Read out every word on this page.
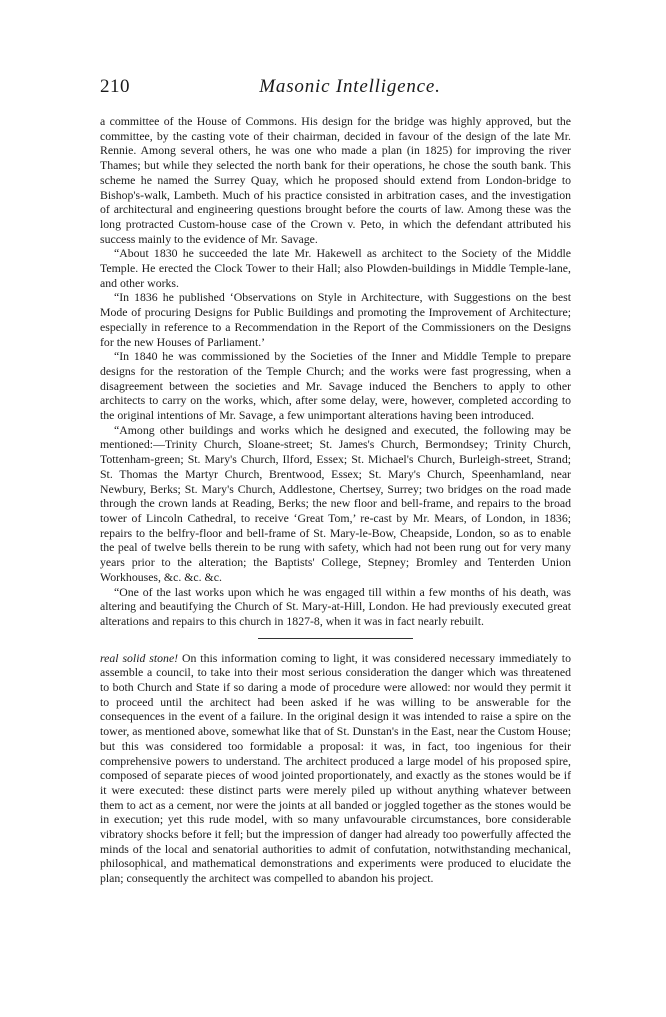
210	Masonic Intelligence.

a committee of the House of Commons. His design for the bridge was highly approved, but the committee, by the casting vote of their chairman, decided in favour of the design of the late Mr. Rennie. Among several others, he was one who made a plan (in 1825) for improving the river Thames; but while they selected the north bank for their operations, he chose the south bank. This scheme he named the Surrey Quay, which he proposed should extend from London-bridge to Bishop's-walk, Lambeth. Much of his practice consisted in arbitration cases, and the investigation of architectural and engineering questions brought before the courts of law. Among these was the long protracted Custom-house case of the Crown v. Peto, in which the defendant attributed his success mainly to the evidence of Mr. Savage.

“About 1830 he succeeded the late Mr. Hakewell as architect to the Society of the Middle Temple. He erected the Clock Tower to their Hall; also Plowden-buildings in Middle Temple-lane, and other works.

“In 1836 he published ‘Observations on Style in Architecture, with Suggestions on the best Mode of procuring Designs for Public Buildings and promoting the Improvement of Architecture; especially in reference to a Recommendation in the Report of the Commissioners on the Designs for the new Houses of Parliament.’

“In 1840 he was commissioned by the Societies of the Inner and Middle Temple to prepare designs for the restoration of the Temple Church; and the works were fast progressing, when a disagreement between the societies and Mr. Savage induced the Benchers to apply to other architects to carry on the works, which, after some delay, were, however, completed according to the original intentions of Mr. Savage, a few unimportant alterations having been introduced.

“Among other buildings and works which he designed and executed, the following may be mentioned:—Trinity Church, Sloane-street; St. James's Church, Bermondsey; Trinity Church, Tottenham-green; St. Mary's Church, Ilford, Essex; St. Michael's Church, Burleigh-street, Strand; St. Thomas the Martyr Church, Brentwood, Essex; St. Mary's Church, Speenhamland, near Newbury, Berks; St. Mary's Church, Addlestone, Chertsey, Surrey; two bridges on the road made through the crown lands at Reading, Berks; the new floor and bell-frame, and repairs to the broad tower of Lincoln Cathedral, to receive ‘Great Tom,’ re-cast by Mr. Mears, of London, in 1836; repairs to the belfry-floor and bell-frame of St. Mary-le-Bow, Cheapside, London, so as to enable the peal of twelve bells therein to be rung with safety, which had not been rung out for very many years prior to the alteration; the Baptists' College, Stepney; Bromley and Tenterden Union Workhouses, &c. &c. &c.

“One of the last works upon which he was engaged till within a few months of his death, was altering and beautifying the Church of St. Mary-at-Hill, London. He had previously executed great alterations and repairs to this church in 1827-8, when it was in fact nearly rebuilt.

real solid stone! On this information coming to light, it was considered necessary immediately to assemble a council, to take into their most serious consideration the danger which was threatened to both Church and State if so daring a mode of procedure were allowed: nor would they permit it to proceed until the architect had been asked if he was willing to be answerable for the consequences in the event of a failure. In the original design it was intended to raise a spire on the tower, as mentioned above, somewhat like that of St. Dunstan's in the East, near the Custom House; but this was considered too formidable a proposal: it was, in fact, too ingenious for their comprehensive powers to understand. The architect produced a large model of his proposed spire, composed of separate pieces of wood jointed proportionately, and exactly as the stones would be if it were executed: these distinct parts were merely piled up without anything whatever between them to act as a cement, nor were the joints at all banded or joggled together as the stones would be in execution; yet this rude model, with so many unfavourable circumstances, bore considerable vibratory shocks before it fell; but the impression of danger had already too powerfully affected the minds of the local and senatorial authorities to admit of confutation, notwithstanding mechanical, philosophical, and mathematical demonstrations and experiments were produced to elucidate the plan; consequently the architect was compelled to abandon his project.
